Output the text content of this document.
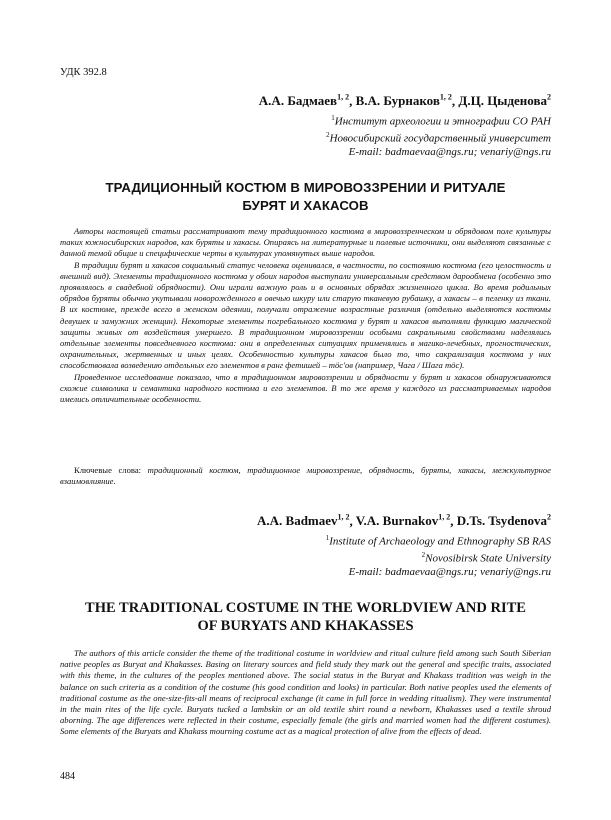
УДК 392.8
А.А. Бадмаев$^{1, 2}$, В.А. Бурнаков$^{1, 2}$, Д.Ц. Цыденова$^2$
$^1$Институт археологии и этнографии СО РАН
$^2$Новосибирский государственный университет
E-mail: badmaevaa@ngs.ru; venariy@ngs.ru
ТРАДИЦИОННЫЙ КОСТЮМ В МИРОВОЗЗРЕНИИ И РИТУАЛЕ
БУРЯТ И ХАКАСОВ

Авторы настоящей статьи рассматривают тему традиционного костюма в мировоззренческом и обрядовом поле культуры таких южносибирских народов, как буряты и хакасы. Опираясь на литературные и полевые источники, они выделяют связанные с данной темой общие и специфические черты в культурах упомянутых выше народов.

В традиции бурят и хакасов социальный статус человека оценивался, в частности, по состоянию костюма (его целостность и внешний вид). Элементы традиционного костюма у обоих народов выступали универсальным средством дарообмена (особенно это проявлялось в свадебной обрядности). Они играли важную роль и в основных обрядах жизненного цикла. Во время родильных обрядов буряты обычно укутывали новорожденного в овечью шкуру или старую тканевую рубашку, а хакасы – в пеленку из ткани. В их костюме, прежде всего в женском одеянии, получали отражение возрастные различия (отдельно выделяются костюмы девушек и замужних женщин). Некоторые элементы погребального костюма у бурят и хакасов выполняли функцию магической защиты живых от воздействия умершего. В традиционном мировоззрении особыми сакральными свойствами наделялись отдельные элементы повседневного костюма: они в определенных ситуациях применялись в магико-лечебных, прогностических, охранительных, жертвенных и иных целях. Особенностью культуры хакасов было то, что сакрализация костюма у них способствовала возведению отдельных его элементов в ранг фетишей – тӧс'ов (например, Чага / Шага тӧс).

Проведенное исследование показало, что в традиционном мировоззрении и обрядности у бурят и хакасов обнаруживаются схожие символика и семантика народного костюма и его элементов. В то же время у каждого из рассматриваемых народов имелись отличительные особенности.

Ключевые слова: традиционный костюм, традиционное мировоззрение, обрядность, буряты, хакасы, межкультурное взаимовлияние.
A.A. Badmaev$^{1, 2}$, V.A. Burnakov$^{1, 2}$, D.Ts. Tsydenova$^2$
$^1$Institute of Archaeology and Ethnography SB RAS
$^2$Novosibirsk State University
E-mail: badmaevaa@ngs.ru; venariy@ngs.ru
THE TRADITIONAL COSTUME IN THE WORLDVIEW AND RITE
OF BURYATS AND KHAKASSES

The authors of this article consider the theme of the traditional costume in worldview and ritual culture field among such South Siberian native peoples as Buryat and Khakasses. Basing on literary sources and field study they mark out the general and specific traits, associated with this theme, in the cultures of the peoples mentioned above. The social status in the Buryat and Khakass tradition was weigh in the balance on such criteria as a condition of the costume (his good condition and looks) in particular. Both native peoples used the elements of traditional costume as the one-size-fits-all means of reciprocal exchange (it came in full force in wedding ritualism). They were instrumental in the main rites of the life cycle. Buryats tucked a lambskin or an old textile shirt round a newborn, Khakasses used a textile shroud aborning. The age differences were reflected in their costume, especially female (the girls and married women had the different costumes). Some elements of the Buryats and Khakass mourning costume act as a magical protection of alive from the effects of dead.

484
